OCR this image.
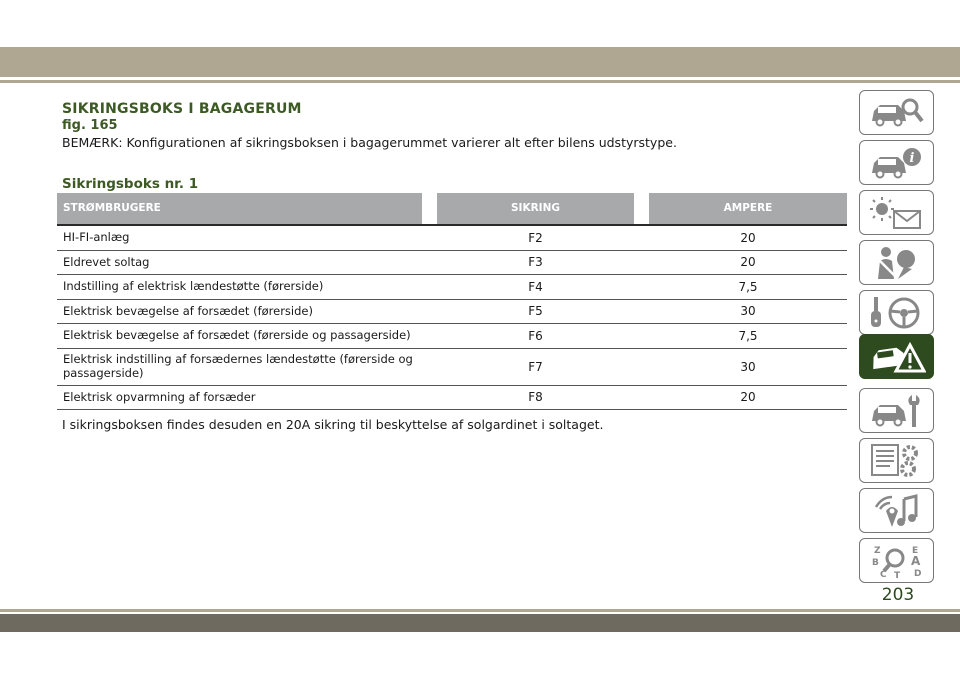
SIKRINGSBOKS I BAGAGERUM
fig. 165
BEMÆRK: Konfigurationen af sikringsboksen i bagagerummet varierer alt efter bilens udstyrstype.
Sikringsboks nr. 1
STRØMBRUGERE	SIKRING	AMPERE
HI-FI-anlæg	F2	20
Eldrevet soltag	F3	20
Indstilling af elektrisk lændestøtte (førerside)	F4	7,5
Elektrisk bevægelse af forsædet (førerside)	F5	30
Elektrisk bevægelse af forsædet (førerside og passagerside)	F6	7,5
Elektrisk indstilling af forsædernes lændestøtte (førerside og passagerside)	F7	30
Elektrisk opvarmning af forsæder	F8	20
I sikringsboksen findes desuden en 20A sikring til beskyttelse af solgardinet i soltaget.
i
Z	E
B	A
C T D
203
